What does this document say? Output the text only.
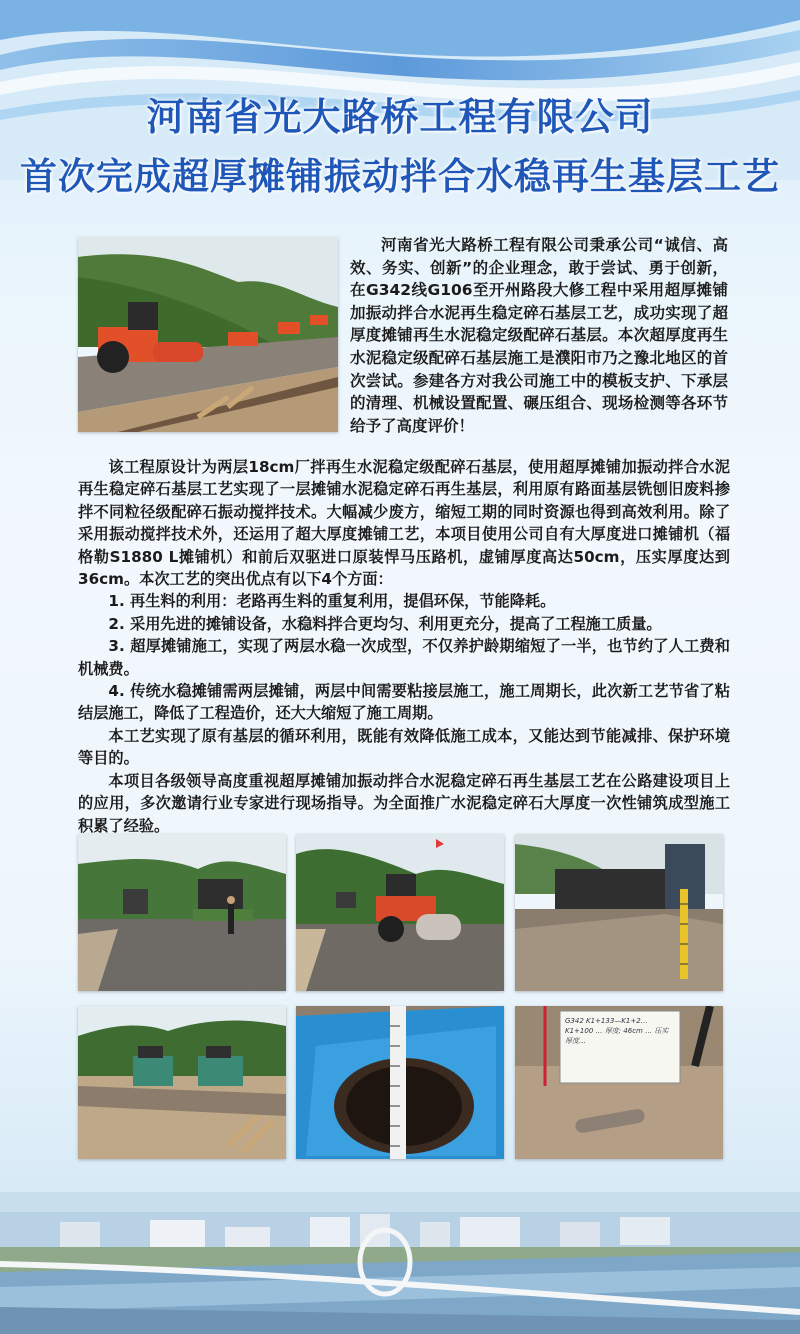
河南省光大路桥工程有限公司
首次完成超厚摊铺振动拌合水稳再生基层工艺

河南省光大路桥工程有限公司秉承公司“诚信、高效、务实、创新”的企业理念，敢于尝试、勇于创新，在G342线G106至开州路段大修工程中采用超厚摊铺加振动拌合水泥再生稳定碎石基层工艺，成功实现了超厚度摊铺再生水泥稳定级配碎石基层。本次超厚度再生水泥稳定级配碎石基层施工是濮阳市乃之豫北地区的首次尝试。参建各方对我公司施工中的模板支护、下承层的清理、机械设置配置、碾压组合、现场检测等各环节给予了高度评价！

该工程原设计为两层18cm厂拌再生水泥稳定级配碎石基层，使用超厚摊铺加振动拌合水泥再生稳定碎石基层工艺实现了一层摊铺水泥稳定碎石再生基层，利用原有路面基层铣刨旧废料掺拌不同粒径级配碎石振动搅拌技术。大幅减少废方，缩短工期的同时资源也得到高效利用。除了采用振动搅拌技术外，还运用了超大厚度摊铺工艺，本项目使用公司自有大厚度进口摊铺机（福格勒S1880 L摊铺机）和前后双驱进口原装悍马压路机，虚铺厚度高达50cm，压实厚度达到36cm。本次工艺的突出优点有以下4个方面：

1. 再生料的利用：老路再生料的重复利用，提倡环保，节能降耗。

2. 采用先进的摊铺设备，水稳料拌合更均匀、利用更充分，提高了工程施工质量。

3. 超厚摊铺施工，实现了两层水稳一次成型，不仅养护龄期缩短了一半，也节约了人工费和机械费。

4. 传统水稳摊铺需两层摊铺，两层中间需要粘接层施工，施工周期长，此次新工艺节省了粘结层施工，降低了工程造价，还大大缩短了施工周期。

本工艺实现了原有基层的循环利用，既能有效降低施工成本，又能达到节能减排、保护环境等目的。

本项目各级领导高度重视超厚摊铺加振动拌合水泥稳定碎石再生基层工艺在公路建设项目上的应用，多次邀请行业专家进行现场指导。为全面推广水泥稳定碎石大厚度一次性铺筑成型施工积累了经验。

G342 K1+133—K1+2… K1+100 … 厚度: 46cm … 压实厚度…
